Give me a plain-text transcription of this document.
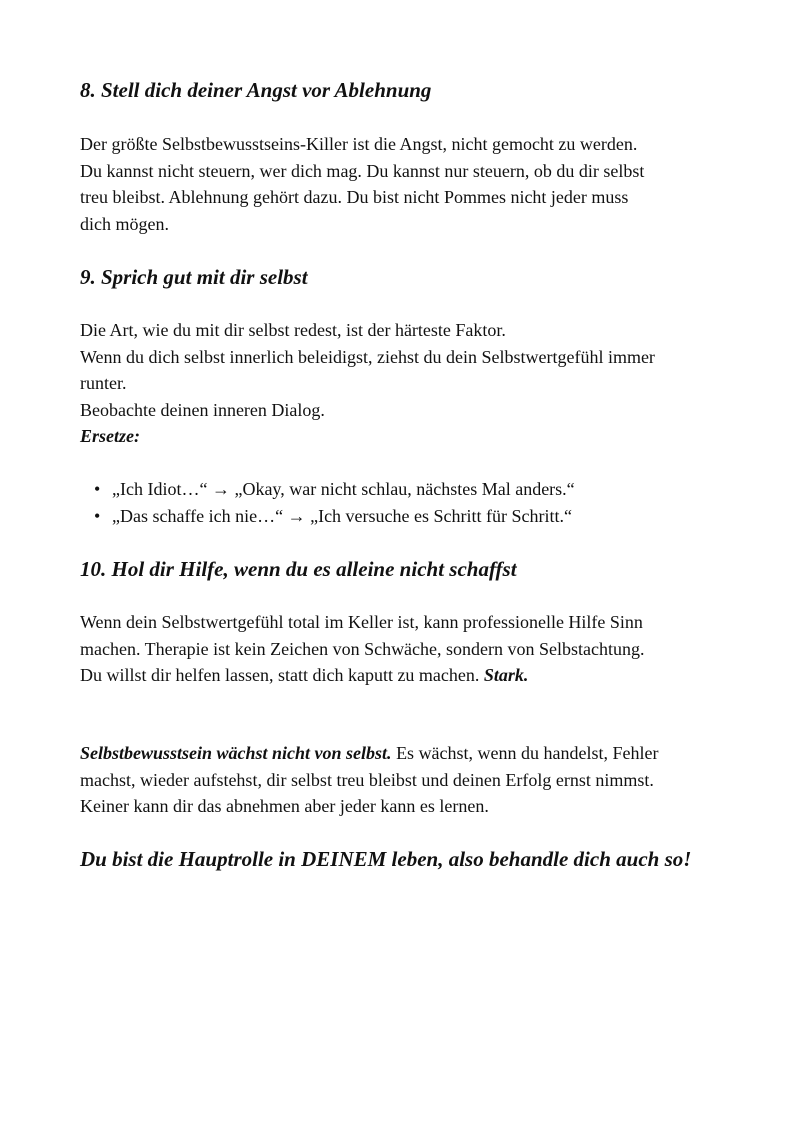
8. Stell dich deiner Angst vor Ablehnung

Der größte Selbstbewusstseins-Killer ist die Angst, nicht gemocht zu werden.
Du kannst nicht steuern, wer dich mag. Du kannst nur steuern, ob du dir selbst
treu bleibst. Ablehnung gehört dazu. Du bist nicht Pommes nicht jeder muss
dich mögen.

9. Sprich gut mit dir selbst

Die Art, wie du mit dir selbst redest, ist der härteste Faktor.
Wenn du dich selbst innerlich beleidigst, ziehst du dein Selbstwertgefühl immer
runter.
Beobachte deinen inneren Dialog.
Ersetze:

• „Ich Idiot…“ → „Okay, war nicht schlau, nächstes Mal anders.“
• „Das schaffe ich nie…“ → „Ich versuche es Schritt für Schritt.“
10. Hol dir Hilfe, wenn du es alleine nicht schaffst

Wenn dein Selbstwertgefühl total im Keller ist, kann professionelle Hilfe Sinn
machen. Therapie ist kein Zeichen von Schwäche, sondern von Selbstachtung.
Du willst dir helfen lassen, statt dich kaputt zu machen. Stark.

Selbstbewusstsein wächst nicht von selbst. Es wächst, wenn du handelst, Fehler
machst, wieder aufstehst, dir selbst treu bleibst und deinen Erfolg ernst nimmst.
Keiner kann dir das abnehmen aber jeder kann es lernen.

Du bist die Hauptrolle in DEINEM leben, also behandle dich auch so!
